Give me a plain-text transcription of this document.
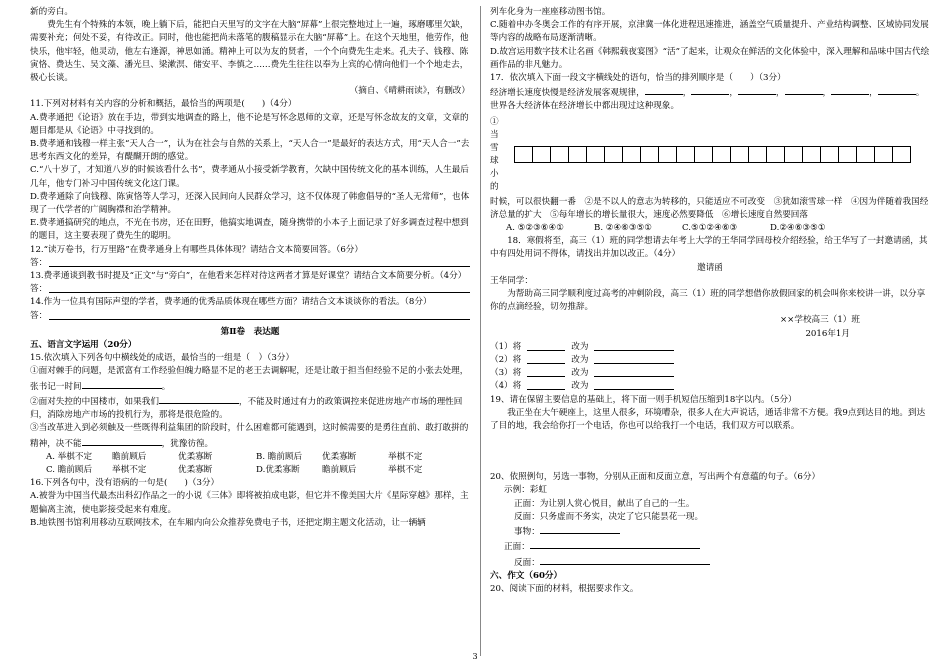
新的旁白。

费先生有个特殊的本领，晚上躺下后，能把白天里写的文字在大脑“屏幕”上很完整地过上一遍，琢磨哪里欠缺，需要补充；何处不妥，有待改正。同时，他也能把尚未落笔的腹稿显示在大脑“屏幕”上。在这个天地里，他劳作，他快乐，他牢轻，他灵动，他左右逢源，神思如涌。精神上可以为友的贤者，一个个向费先生走来。孔夫子、钱穆、陈寅恪、费达生、吴文藻、潘光旦、梁漱溟、储安平、李慎之……费先生往往以奉为上宾的心情向他们一个个地走去，极心长谈。

（摘自、《晴耕雨读》，有删改）

11.下列对材料有关内容的分析和概括，最恰当的两项是(　　)（4分）

A.费孝通把《论语》放在手边，带到实地调查的路上，他不论是写怀念恩师的文章，还是写怀念故友的文章，文章的题目都是从《论语》中寻找到的。

B.费孝通和钱穆一样主张“天人合一”，认为在社会与自然的关系上，“天人合一”是最好的表达方式，用“天人合一”去思考东西文化的差异，有醍醐开朗的感觉。

C.“八十岁了，才知道八岁的时候该看什么书”，费孝通从小接受新学教育，欠缺中国传统文化的基本训练，人生最后几年，他专门补习中国传统文化这门课。

D.费孝通除了向钱穆、陈寅恪等人学习，还深入民间向人民群众学习，这不仅体现了韩愈倡导的“圣人无常师”，也体现了一代学者的广阔胸襟和治学精神。

E.费孝通搞研究的地点，不光在书房，还在田野，他搞实地调查，随身携带的小本子上面记录了好多调查过程中想到的题目，这主要表现了费先生的聪明。

12.“读万卷书，行万里路”在费孝通身上有哪些具体体现？请结合文本简要回答。（6分）

答：

13.费孝通谈到教书时提及“正文”与“旁白”，在他看来怎样对待这两者才算是好课堂？请结合文本简要分析。（4分）

答：

14.作为一位具有国际声望的学者，费孝通的优秀品质体现在哪些方面？请结合文本谈谈你的看法。（8分）

答：

第Ⅱ卷　表达题

五、语言文字运用（20分）

15.依次填入下列各句中横线处的成语，最恰当的一组是（　）（3分）

①面对棘手的问题，是派富有工作经验但魄力略显不足的老王去调解呢，还是让敢于担当但经验不足的小张去处理，张书记一时间	。

②面对失控的中国楼市，如果我们	，不能及时通过有力的政策调控来促进房地产市场的理性回归，消除房地产市场的投机行为，那将是很危险的。

③当改革进入到必须触及一些既得利益集团的阶段时，什么困难都可能遇到，这时候需要的是勇往直前、敢打敢拼的精神，决不能	，犹豫彷徨。

A. 举棋不定	瞻前顾后	优柔寡断	B. 瞻前顾后	优柔寡断	举棋不定
C. 瞻前顾后	举棋不定	优柔寡断	D.优柔寡断	瞻前顾后	举棋不定

16.下列各句中，没有语病的一句是(　　)（3分）

A.被誉为中国当代最杰出科幻作品之一的小说《三体》即将被拍成电影，但它并不像美国大片《星际穿越》那样，主题偏离主流，使电影接受起来有难度。

B.地铁图书馆利用移动互联网技术，在车厢内向公众推荐免费电子书，还把定期主题文化活动，让一辆辆

列车化身为一座座移动图书馆。

C.随着申办冬奥会工作的有序开展，京津冀一体化进程迅速推进，涵盖空气质量提升、产业结构调整、区域协同发展等内容的战略布局逐渐清晰。

D.故宫运用数字技术让名画《韩熙载夜宴图》“活”了起来，让观众在鲜活的文化体验中，深入理解和品味中国古代绘画作品的非凡魅力。

17．依次填入下面一段文字横线处的语句，恰当的排列顺序是（　　）（3分）

经济增长速度快慢是经济发展客观规律，	，	，	，	，	，	。世界各大经济体在经济增长中都出现过这种现象。

①　当
雪　球
小　的

时候，可以很快翻一番　②是不以人的意志为转移的，只能适应不可改变　③犹如滚雪球一样　④因为伴随着我国经济总量的扩大　⑤每年增长的增长量很大，速度必然要降低　⑥增长速度自然要回落

A. ⑤②③⑥④①	B. ②④⑥③⑤①	C.⑤①②④⑥③	D.②④⑥③⑤①

18．寒假将至，高三（1）班的同学想请去年考上大学的王华同学回母校介绍经验，给王华写了一封邀请函，其中有四处用词不得体，请找出并加以改正。（4分）

邀请函

王华同学：

为帮助高三同学顺利度过高考的冲刺阶段，高三（1）班的同学想借你放假回家的机会叫你来校讲一讲，以分享你的点滴经验，切勿推辞。

××学校高三（1）班

2016年1月

（1）将	改为
（2）将	改为
（3）将	改为
（4）将	改为

19、请在保留主要信息的基础上，将下面一则手机短信压缩到18字以内。（5分）

我正坐在大午硬座上，这里人很多，环境嘈杂，很多人在大声说话，通话非常不方便。我9点到达目的地。到达了目的地，我会给你打一个电话，你也可以给我打一个电话，我们双方可以联系。

20、依照例句，另选一事物，分别从正面和反面立意，写出两个有意蕴的句子。（6分）

示例：彩虹

正面：为让别人赏心悦目，献出了自己的一生。

反面：只务虚而不务实，决定了它只能昙花一现。

事物：

正面：

反面：

六、作文（60分）

20、阅读下面的材料，根据要求作文。

3
